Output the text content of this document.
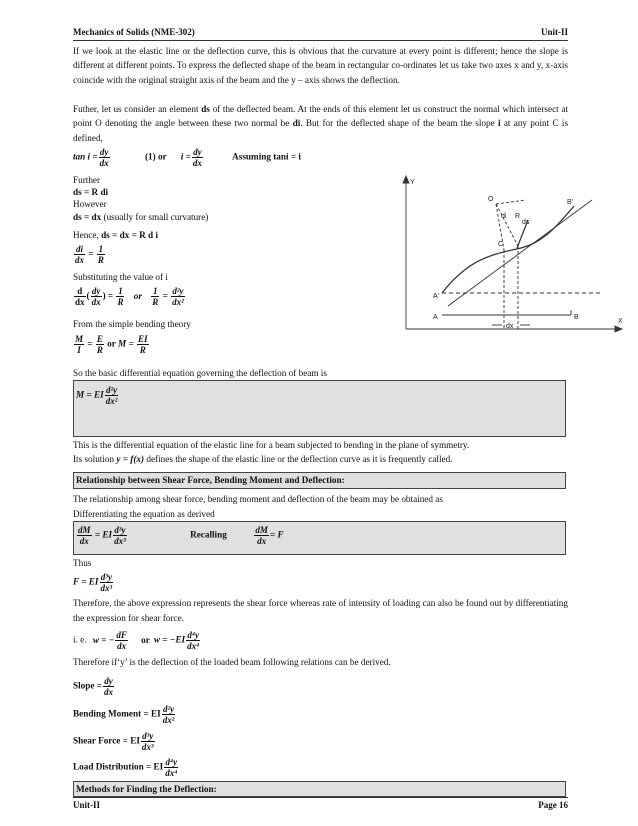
Mechanics of Solids (NME-302)	Unit-II
If we look at the elastic line or the deflection curve, this is obvious that the curvature at every point is different; hence the slope is different at different points. To express the deflected shape of the beam in rectangular co-ordinates let us take two axes x and y, x-axis coincide with the original straight axis of the beam and the y – axis shows the deflection.
Futher, let us consider an element ds of the deflected beam. At the ends of this element let us construct the normal which intersect at point O denoting the angle between these two normal be di. But for the deflected shape of the beam the slope i at any point C is defined,
$\tan i = \frac{dy}{dx}$	(1) or $i = \frac{dy}{dx}$	Assuming tani = i
Further
ds = R di
However
ds = dx (usually for small curvature)
Hence, ds = dx = R d i
$\frac{di}{dx} = \frac{1}{R}$
Substituting the value of i
$\frac{d}{dx}$ ( $\frac{dy}{dx}$ ) = $\frac{1}{R}$ or $\frac{1}{R} = \frac{\text{d²y}}{\text{dx²}}$
From the simple bending theory
$\frac{M}{I} = \frac{E}{R}$ or $M = \frac{EI}{R}$
So the basic differential equation governing the deflection of beam is
M = EI $\frac{\text{d²y}}{\text{dx²}}$
This is the differential equation of the elastic line for a beam subjected to bending in the plane of symmetry.
Its solution y = f(x) defines the shape of the elastic line or the deflection curve as it is frequently called.
Relationship between Shear Force, Bending Moment and Deflection:
The relationship among shear force, bending moment and deflection of the beam may be obtained as
Differentiating the equation as derived
$\frac{dM}{dx}$ = EI $\frac{\text{d³y}}{\text{dx³}}$	Recalling	$\frac{dM}{dx} = F$
Thus
F = EI $\frac{\text{d³y}}{\text{dx³}}$
Therefore, the above expression represents the shear force whereas rate of intensity of loading can also be found out by differentiating the expression for shear force.
i. e. w = − $\frac{dF}{dx}$ or $w = -EI \frac{\text{d⁴y}}{\text{dx⁴}}$
Therefore if‘y’ is the deflection of the loaded beam following relations can be derived.
Slope = $\frac{dy}{dx}$
Bending Moment = EI $\frac{\text{d²y}}{\text{dx²}}$
Shear Force = EI $\frac{\text{d³y}}{\text{dx³}}$
Load Distribution = EI $\frac{\text{d⁴y}}{\text{dx⁴}}$
Methods for Finding the Deflection:
Unit-II	Page 16
Y
O
di R
ds
B'
C
A'
A	B
dx
X
